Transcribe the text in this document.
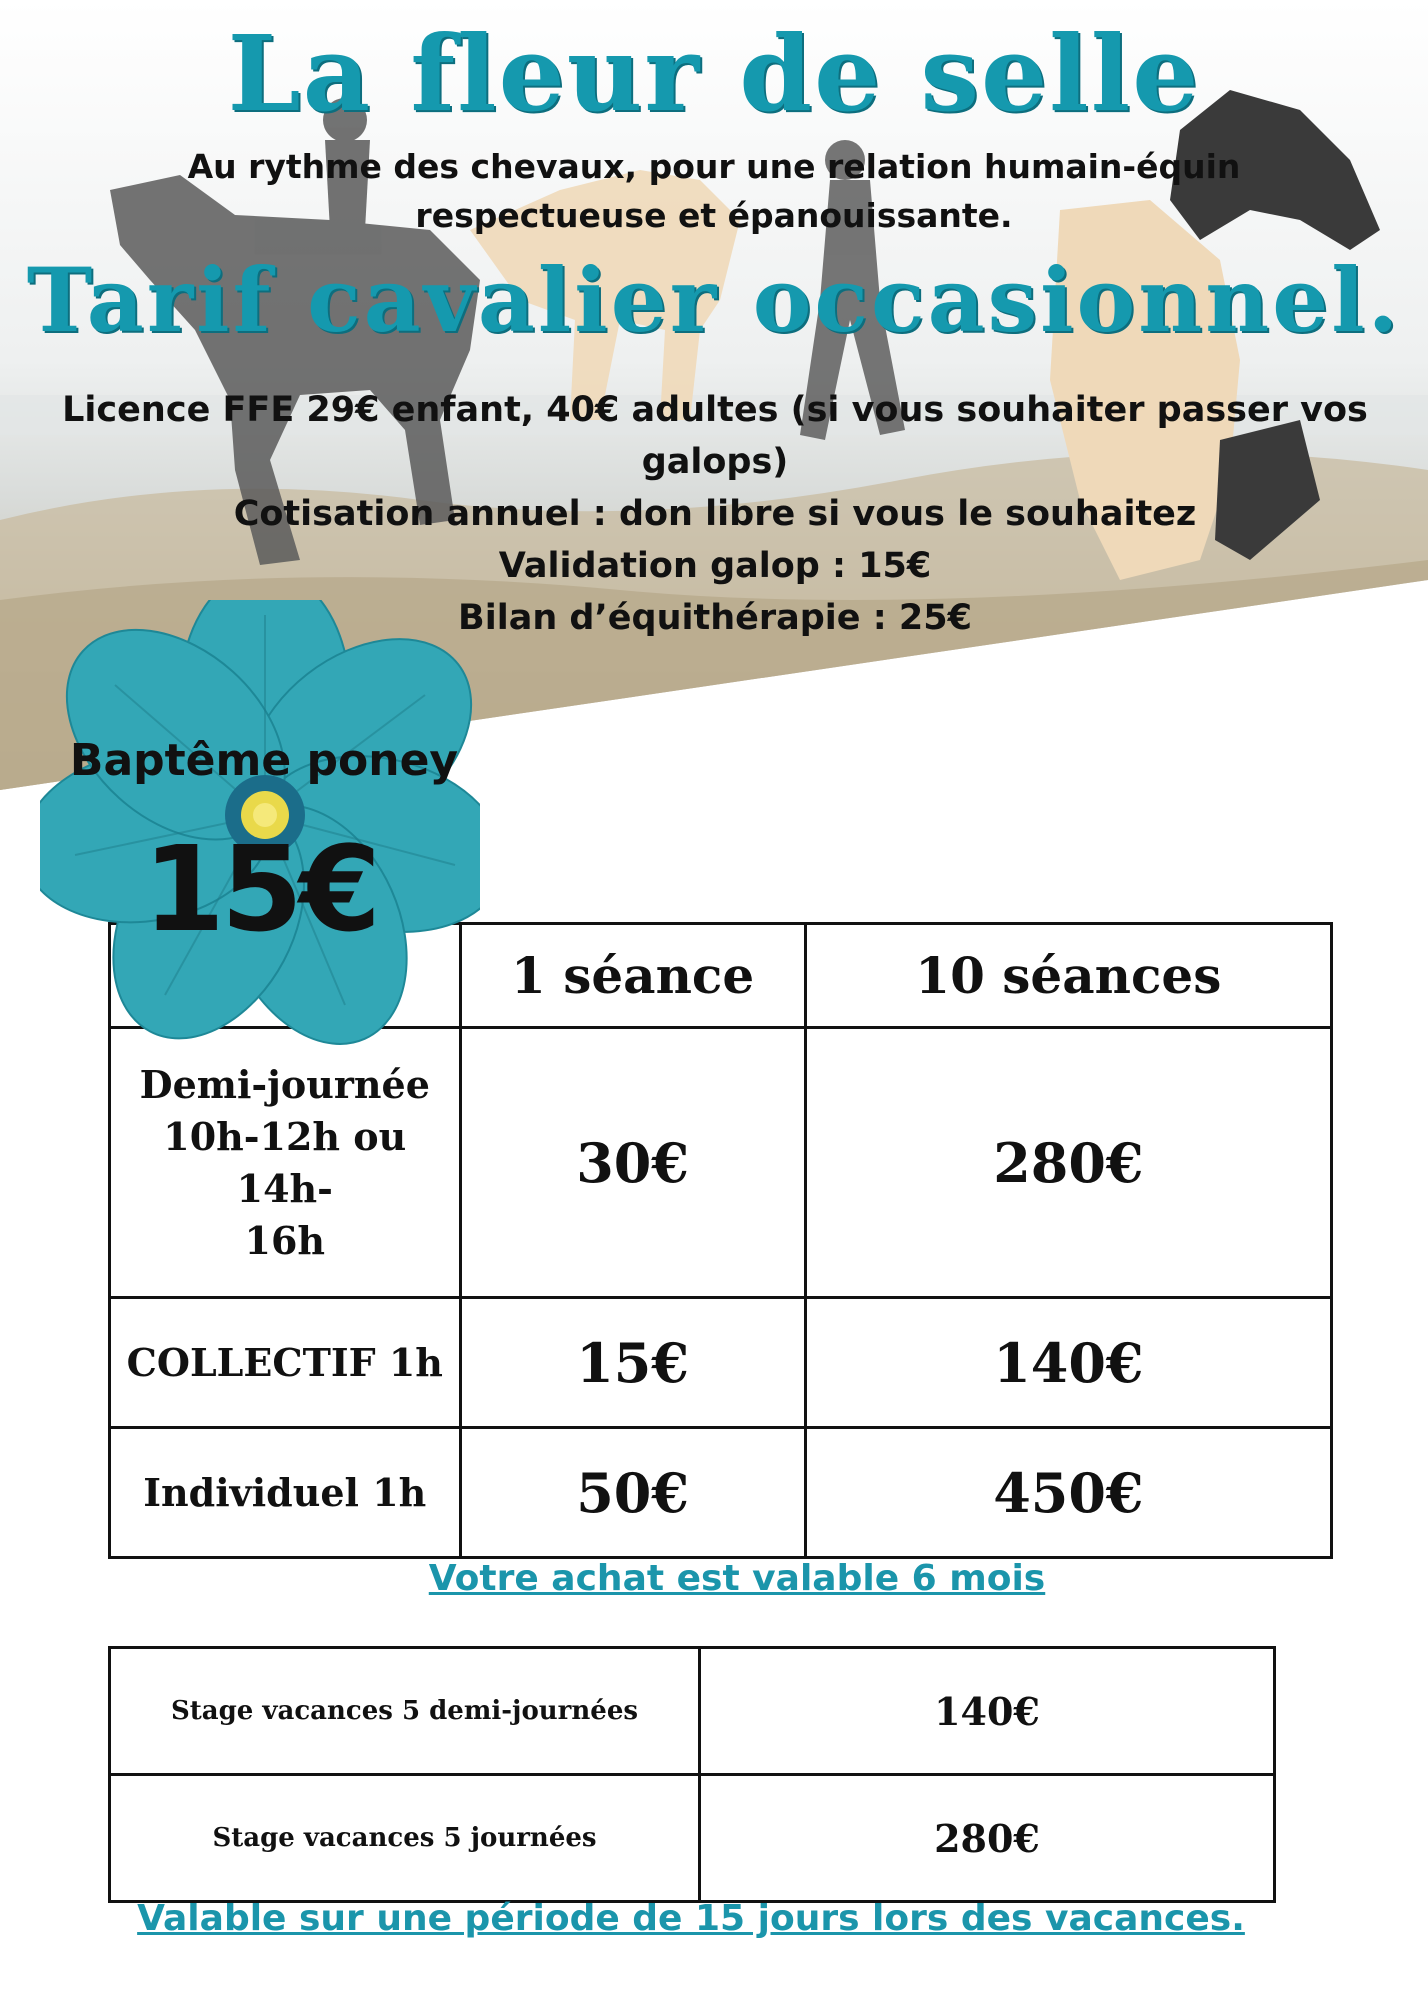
La fleur de selle
Au rythme des chevaux, pour une relation humain-équin
respectueuse et épanouissante.
Tarif cavalier occasionnel.
Licence FFE 29€ enfant, 40€ adultes (si vous souhaiter passer vos
galops)
Cotisation annuel : don libre si vous le souhaitez
Validation galop : 15€
Bilan d’équithérapie : 25€
Baptême poney
15€
	1 séance	10 séances

Demi-journée
10h-12h ou 14h-
16h	30€	280€
COLLECTIF 1h	15€	140€
Individuel 1h	50€	450€
Votre achat est valable 6 mois
Stage vacances 5 demi-journées	140€
Stage vacances 5 journées	280€
Valable sur une période de 15 jours lors des vacances.
